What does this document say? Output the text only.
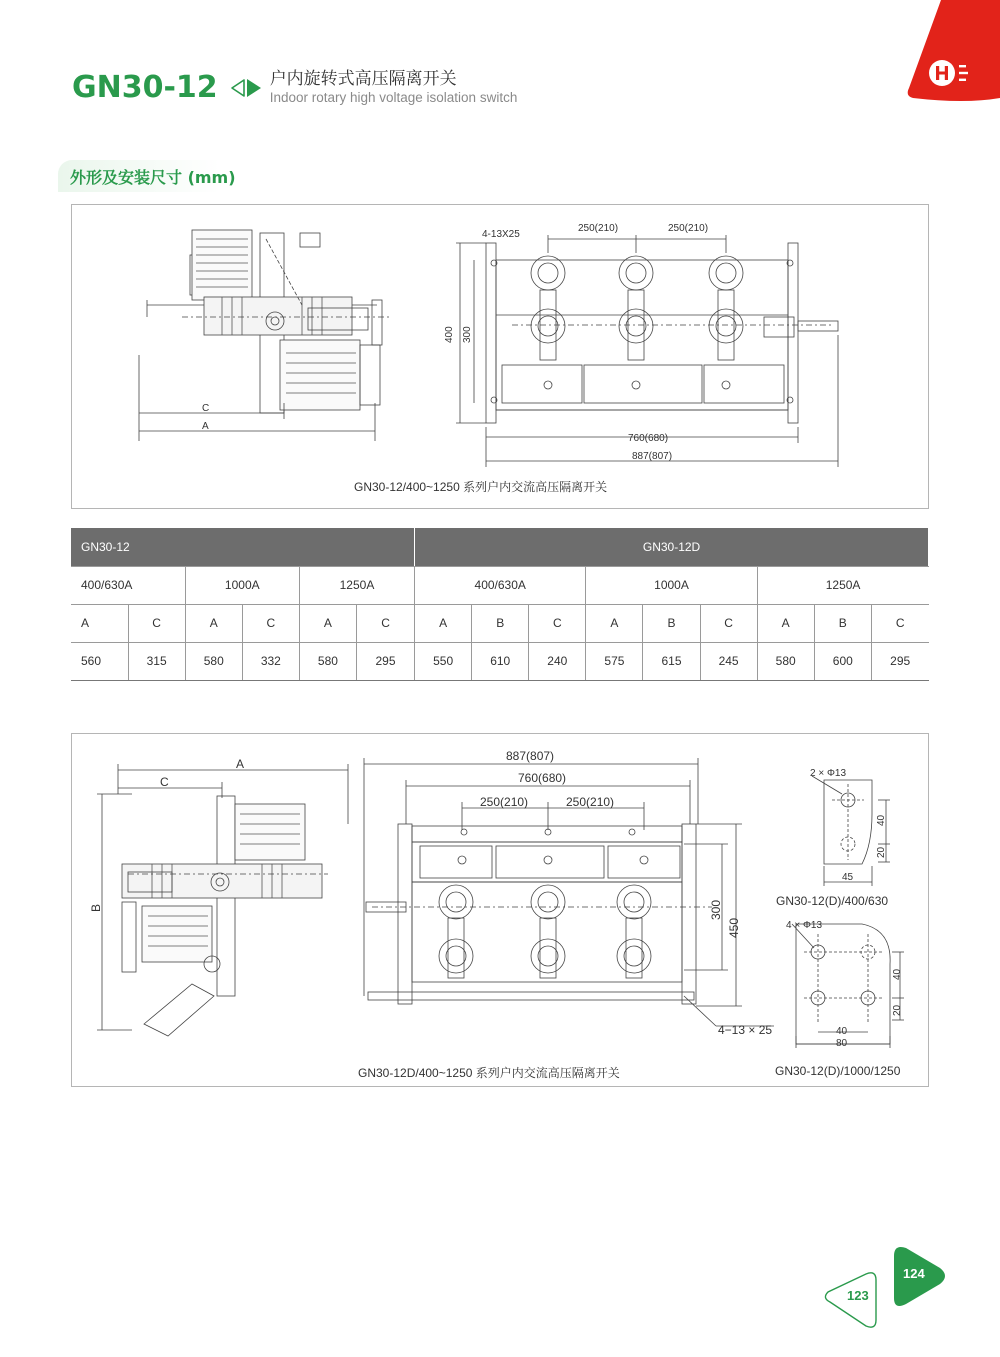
GN30-12	户内旋转式高压隔离开关
Indoor rotary high voltage isolation switch
外形及安装尺寸 (mm)
C
A
4-13X25
250(210)	250(210)
400 300
760(680)
887(807)
GN30-12/400~1250 系列户内交流高压隔离开关
GN30-12						GN30-12D								
400/630A		1000A		1250A		400/630A			1000A			1250A		
A	C	A	C	A	C	A	B	C	A	B	C	A	B	C
560	315	580	332	580	295	550	610	240	575	615	245	580	600	295
A
C
B
887(807)
760(680)
250(210)	250(210)
300
450
4−13 × 25
2 × Φ13
40
20
45
GN30-12(D)/400/630
4 × Φ13
40
20
40
80
GN30-12D/400~1250 系列户内交流高压隔离开关	GN30-12(D)/1000/1250
123
124
